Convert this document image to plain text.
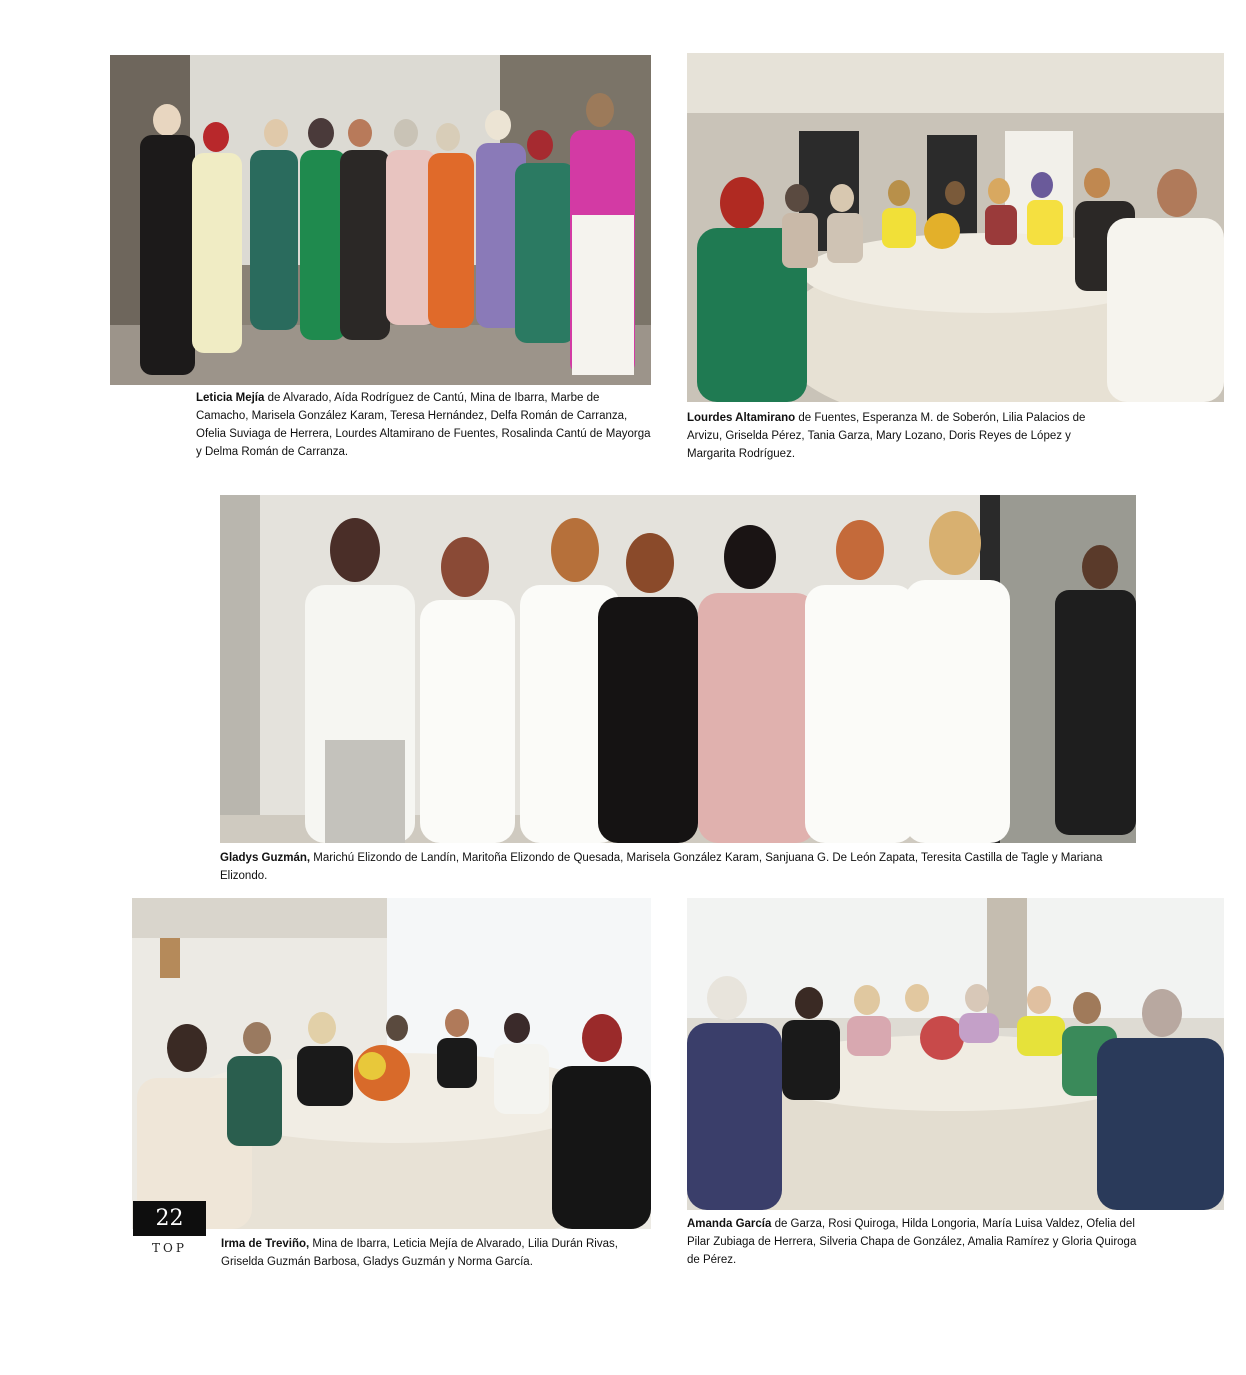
Leticia Mejía de Alvarado, Aída Rodríguez de Cantú, Mina de Ibarra, Marbe de Camacho, Marisela González Karam, Teresa Hernández, Delfa Román de Carranza, Ofelia Suviaga de Herrera, Lourdes Altamirano de Fuentes, Rosalinda Cantú de Mayorga y Delma Román de Carranza.
Lourdes Altamirano de Fuentes, Esperanza M. de Soberón, Lilia Palacios de Arvizu, Griselda Pérez, Tania Garza, Mary Lozano, Doris Reyes de López y Margarita Rodríguez.
Gladys Guzmán, Marichú Elizondo de Landín, Maritoña Elizondo de Quesada, Marisela González Karam, Sanjuana G. De León Zapata, Teresita Castilla de Tagle y Mariana Elizondo.
22
TOP	Irma de Treviño, Mina de Ibarra, Leticia Mejía de Alvarado, Lilia Durán Rivas, Griselda Guzmán Barbosa, Gladys Guzmán y Norma García.
Amanda García de Garza, Rosi Quiroga, Hilda Longoria, María Luisa Valdez, Ofelia del Pilar Zubiaga de Herrera, Silveria Chapa de González, Amalia Ramírez y Gloria Quiroga de Pérez.
